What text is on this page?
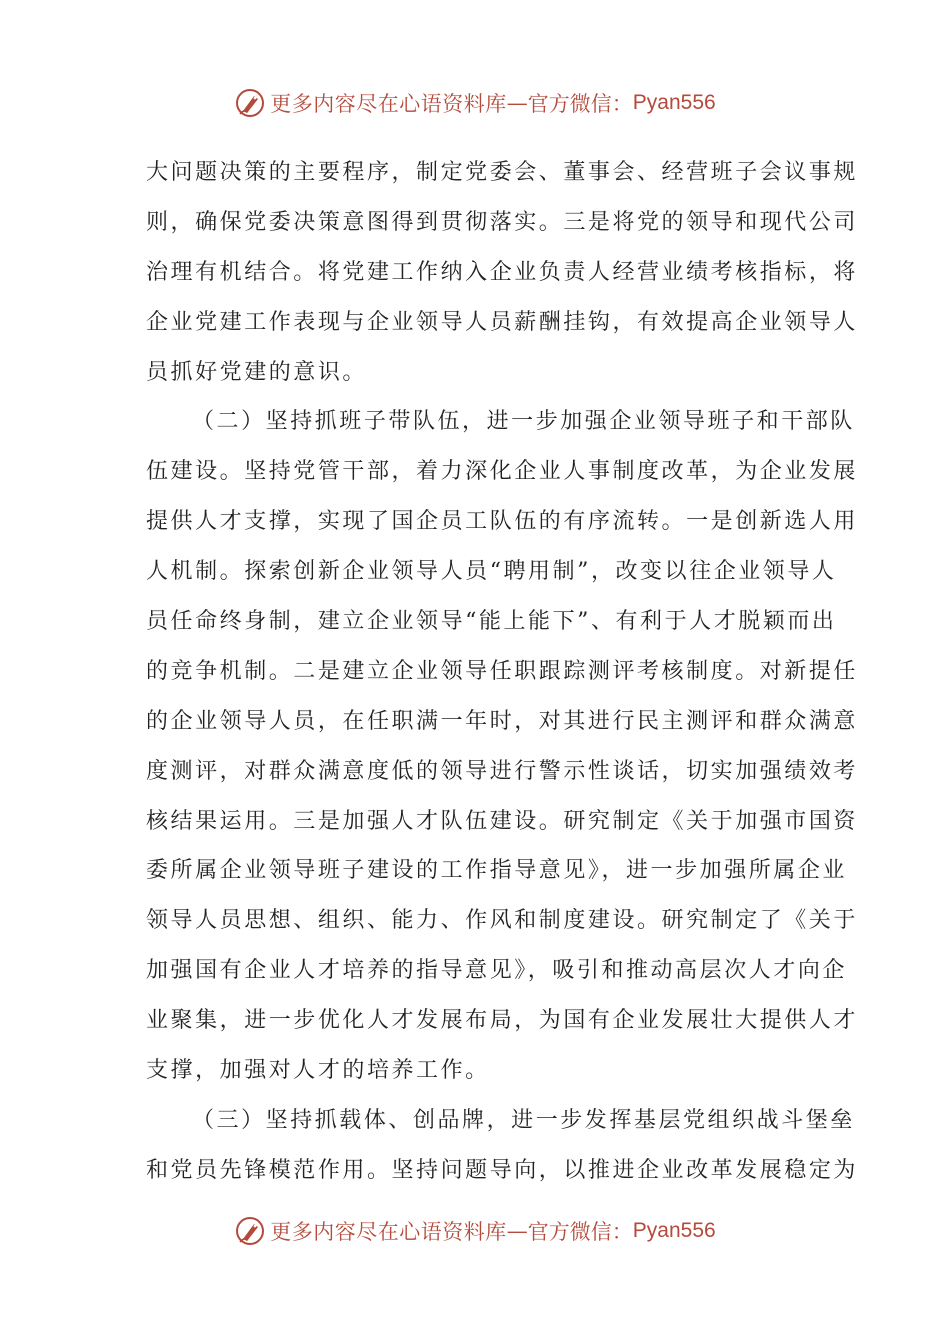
更多内容尽在心语资料库 — 官方微信： Pyan556
大问题决策的主要程序，制定党委会、董事会、经营班子会议事规
则，确保党委决策意图得到贯彻落实。三是将党的领导和现代公司
治理有机结合。将党建工作纳入企业负责人经营业绩考核指标，将
企业党建工作表现与企业领导人员薪酬挂钩，有效提高企业领导人
员抓好党建的意识。
（二）坚持抓班子带队伍，进一步加强企业领导班子和干部队
伍建设。坚持党管干部，着力深化企业人事制度改革，为企业发展
提供人才支撑，实现了国企员工队伍的有序流转。一是创新选人用
人机制。探索创新企业领导人员“聘用制”，改变以往企业领导人
员任命终身制，建立企业领导“能上能下”、有利于人才脱颖而出
的竞争机制。二是建立企业领导任职跟踪测评考核制度。对新提任
的企业领导人员，在任职满一年时，对其进行民主测评和群众满意
度测评，对群众满意度低的领导进行警示性谈话，切实加强绩效考
核结果运用。三是加强人才队伍建设。研究制定《关于加强市国资
委所属企业领导班子建设的工作指导意见》，进一步加强所属企业
领导人员思想、组织、能力、作风和制度建设。研究制定了《关于
加强国有企业人才培养的指导意见》，吸引和推动高层次人才向企
业聚集，进一步优化人才发展布局，为国有企业发展壮大提供人才
支撑，加强对人才的培养工作。
（三）坚持抓载体、创品牌，进一步发挥基层党组织战斗堡垒
和党员先锋模范作用。坚持问题导向，以推进企业改革发展稳定为
更多内容尽在心语资料库 — 官方微信： Pyan556
